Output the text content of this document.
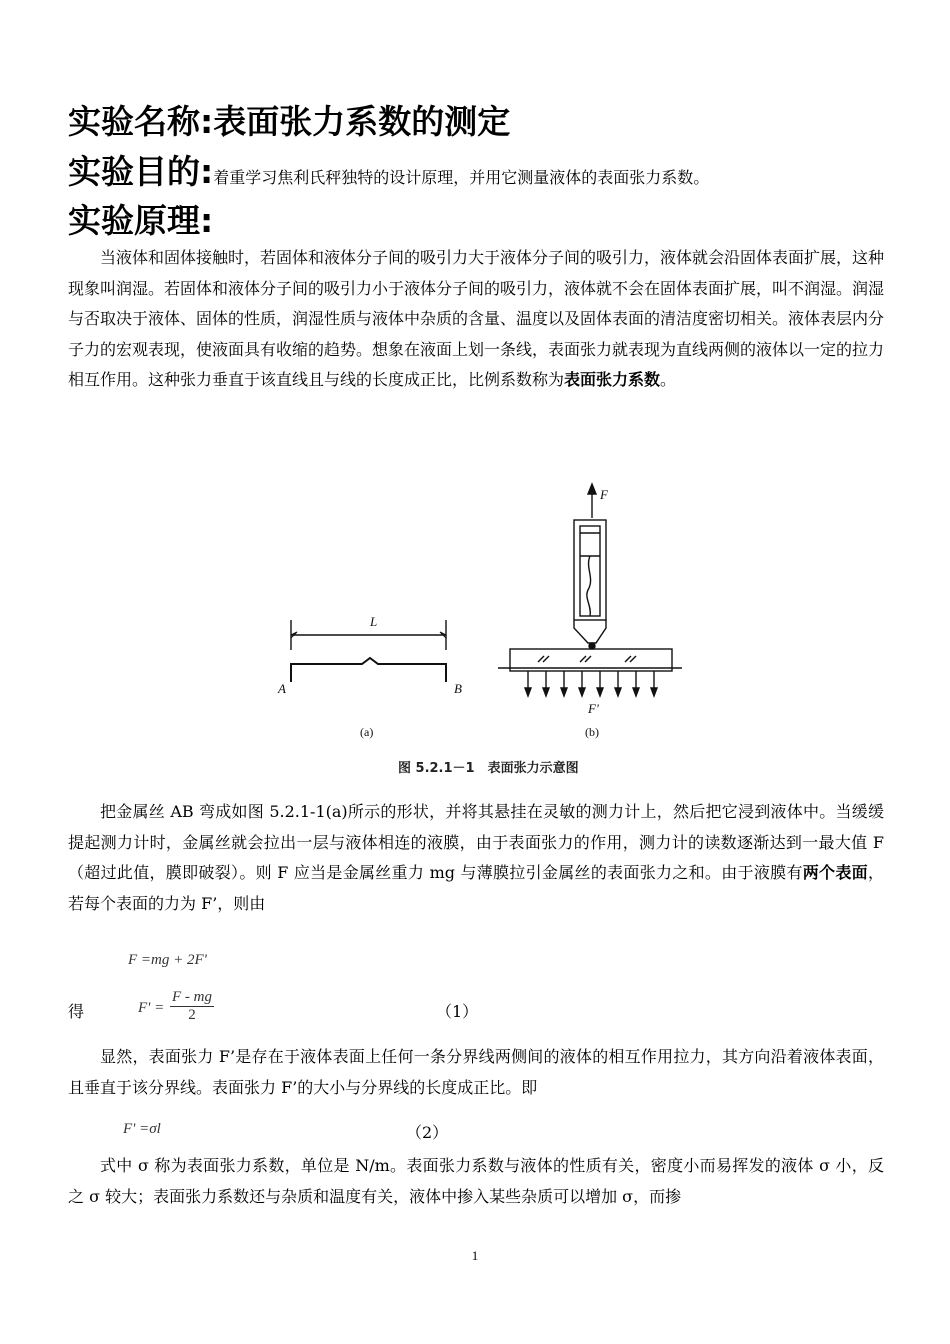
实验名称:表面张力系数的测定
实验目的:着重学习焦利氏秤独特的设计原理，并用它测量液体的表面张力系数。
实验原理:

当液体和固体接触时，若固体和液体分子间的吸引力大于液体分子间的吸引力，液体就会沿固体表面扩展，这种现象叫润湿。若固体和液体分子间的吸引力小于液体分子间的吸引力，液体就不会在固体表面扩展，叫不润湿。润湿与否取决于液体、固体的性质，润湿性质与液体中杂质的含量、温度以及固体表面的清洁度密切相关。液体表层内分子力的宏观表现，使液面具有收缩的趋势。想象在液面上划一条线，表面张力就表现为直线两侧的液体以一定的拉力相互作用。这种张力垂直于该直线且与线的长度成正比，比例系数称为表面张力系数。

L
A	B
F
F'
(a)	(b)
图 5.2.1－1　表面张力示意图

把金属丝 AB 弯成如图 5.2.1-1(a)所示的形状，并将其悬挂在灵敏的测力计上，然后把它浸到液体中。当缓缓提起测力计时，金属丝就会拉出一层与液体相连的液膜，由于表面张力的作用，测力计的读数逐渐达到一最大值 F（超过此值，膜即破裂）。则 F 应当是金属丝重力 mg 与薄膜拉引金属丝的表面张力之和。由于液膜有两个表面，若每个表面的力为 F’，则由

F =mg + 2F'
得	$F' = \frac{F - mg}{2}$	（1）

显然，表面张力 F’是存在于液体表面上任何一条分界线两侧间的液体的相互作用拉力，其方向沿着液体表面，且垂直于该分界线。表面张力 F’的大小与分界线的长度成正比。即

F' =σl	（2）

式中 σ 称为表面张力系数，单位是 N/m。表面张力系数与液体的性质有关，密度小而易挥发的液体 σ 小，反之 σ 较大；表面张力系数还与杂质和温度有关，液体中掺入某些杂质可以增加 σ，而掺

1
